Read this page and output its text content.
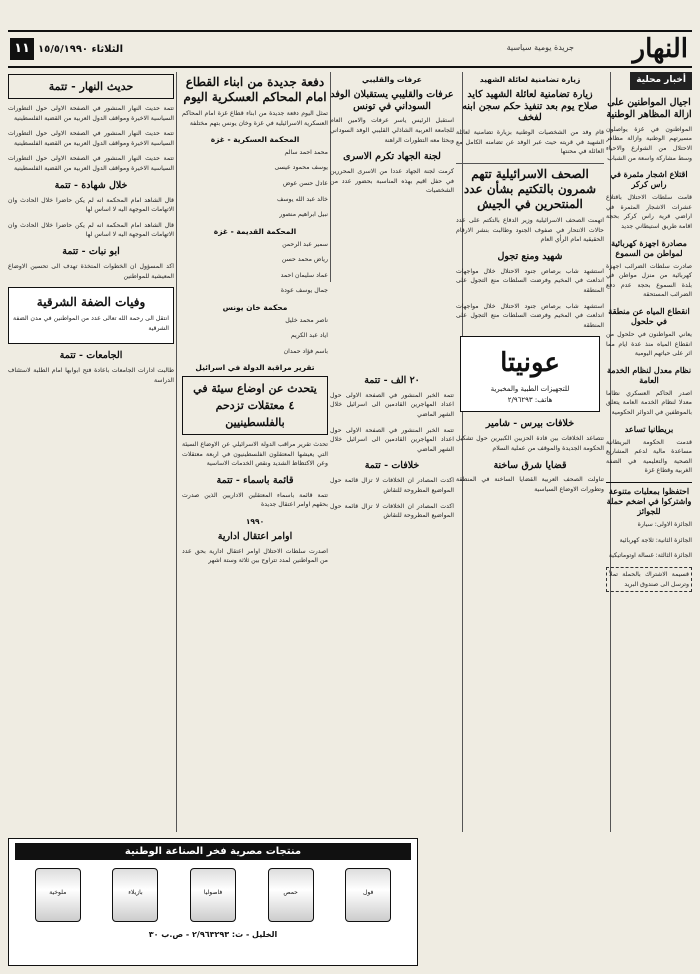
النهار
جريدة يومية سياسية
الثلاثاء ١٥/٥/١٩٩٠
١١
أخبار محلية
اجيال المواطنين على ازالة المظاهر الوطنية
المواطنون في غزة يواصلون مسيرتهم الوطنية وازالة مظاهر الاحتلال من الشوارع والاحياء وسط مشاركة واسعة من الشباب
اقتلاع اشجار مثمرة في راس كركر
قامت سلطات الاحتلال باقتلاع عشرات الاشجار المثمرة في اراضي قرية راس كركر بحجة اقامة طريق استيطاني جديد
مصادرة اجهزة كهربائية لمواطن من السموع
صادرت سلطات الضرائب اجهزة كهربائية من منزل مواطن في بلدة السموع بحجة عدم دفع الضرائب المستحقة
انقطاع المياه عن منطقة في حلحول
يعاني المواطنون في حلحول من انقطاع المياه منذ عدة ايام مما اثر على حياتهم اليومية
نظام معدل لنظام الخدمة العامة
اصدر الحاكم العسكري نظاما معدلا لنظام الخدمة العامة يتعلق بالموظفين في الدوائر الحكومية
بريطانيا تساعد
قدمت الحكومة البريطانية مساعدة مالية لدعم المشاريع الصحية والتعليمية في الضفة الغربية وقطاع غزة
احتفظوا بمعلبات متنوعة واشتركوا في اضخم حملة للجوائز
الجائزة الاولى: سيارة
الجائزة الثانية: ثلاجة كهربائية
الجائزة الثالثة: غسالة اوتوماتيكية
قسيمة الاشتراك بالحملة تملأ وترسل الى صندوق البريد
زيارة تضامنية لعائلة الشهيد
زيارة تضامنية لعائلة الشهيد كايد صلاح يوم بعد تنفيذ حكم سجن ابنه لفخف
قام وفد من الشخصيات الوطنية بزيارة تضامنية لعائلة الشهيد في قريته حيث عبر الوفد عن تضامنه الكامل مع العائلة في محنتها
الصحف الاسرائيلية تتهم شمرون بالتكتيم بشأن عدد المنتحرين في الجيش
اتهمت الصحف الاسرائيلية وزير الدفاع بالتكتم على عدد حالات الانتحار في صفوف الجنود وطالبت بنشر الارقام الحقيقية امام الرأي العام
شهيد ومنع تجول
استشهد شاب برصاص جنود الاحتلال خلال مواجهات اندلعت في المخيم وفرضت السلطات منع التجول على المنطقة
استشهد شاب برصاص جنود الاحتلال خلال مواجهات اندلعت في المخيم وفرضت السلطات منع التجول على المنطقة
عونيتا
للتجهيزات الطبية والمخبرية
هاتف: ٢/٩٦٢٩٣
خلافات بيرس - شامير
تتصاعد الخلافات بين قادة الحزبين الكبيرين حول تشكيل الحكومة الجديدة والموقف من عملية السلام
قضايا شرق ساخنة
تناولت الصحف العربية القضايا الساخنة في المنطقة وتطورات الاوضاع السياسية
عرفات والقليبي
عرفات والقليبي يستقبلان الوفد السوداني في تونس
استقبل الرئيس ياسر عرفات والامين العام للجامعة العربية الشاذلي القليبي الوفد السوداني وبحثا معه التطورات الراهنة
لجنة الجهاد تكرم الاسرى
كرمت لجنة الجهاد عددا من الاسرى المحررين في حفل اقيم بهذه المناسبة بحضور عدد من الشخصيات
٢٠ الف - تتمة
تتمة الخبر المنشور في الصفحة الاولى حول اعداد المهاجرين القادمين الى اسرائيل خلال الشهر الماضي
تتمة الخبر المنشور في الصفحة الاولى حول اعداد المهاجرين القادمين الى اسرائيل خلال الشهر الماضي
خلافات - تتمة
اكدت المصادر ان الخلافات لا تزال قائمة حول المواضيع المطروحة للنقاش
اكدت المصادر ان الخلافات لا تزال قائمة حول المواضيع المطروحة للنقاش
دفعة جديدة من ابناء القطاع امام المحاكم العسكرية اليوم
تمثل اليوم دفعة جديدة من ابناء قطاع غزة امام المحاكم العسكرية الاسرائيلية في غزة وخان يونس بتهم مختلفة
المحكمة العسكرية - غزة
محمد احمد سالم
يوسف محمود عيسى
عادل حسن عوض
خالد عبد الله يوسف
نبيل ابراهيم منصور
المحكمة القديمة - غزة
سمير عبد الرحمن
رياض محمد حسن
عماد سليمان احمد
جمال يوسف عودة
محكمة خان يونس
ناصر محمد خليل
اياد عبد الكريم
باسم فؤاد حمدان
تقرير مراقبة الدولة في اسرائيل
يتحدث عن اوضاع سيئة في ٤ معتقلات تزدحم بالفلسطينيين
تحدث تقرير مراقب الدولة الاسرائيلي عن الاوضاع السيئة التي يعيشها المعتقلون الفلسطينيون في اربعة معتقلات وعن الاكتظاظ الشديد ونقص الخدمات الاساسية
قائمة باسماء - تتمة
تتمة قائمة باسماء المعتقلين الاداريين الذين صدرت بحقهم اوامر اعتقال جديدة
١٩٩٠
اوامر اعتقال ادارية
اصدرت سلطات الاحتلال اوامر اعتقال ادارية بحق عدد من المواطنين لمدد تتراوح بين ثلاثة وستة اشهر
حديث النهار - تتمة
تتمة حديث النهار المنشور في الصفحة الاولى حول التطورات السياسية الاخيرة ومواقف الدول العربية من القضية الفلسطينية
تتمة حديث النهار المنشور في الصفحة الاولى حول التطورات السياسية الاخيرة ومواقف الدول العربية من القضية الفلسطينية
تتمة حديث النهار المنشور في الصفحة الاولى حول التطورات السياسية الاخيرة ومواقف الدول العربية من القضية الفلسطينية
خلال شهادة - تتمة
قال الشاهد امام المحكمة انه لم يكن حاضرا خلال الحادث وان الاتهامات الموجهة اليه لا اساس لها
قال الشاهد امام المحكمة انه لم يكن حاضرا خلال الحادث وان الاتهامات الموجهة اليه لا اساس لها
ابو نبات - تتمة
اكد المسؤول ان الخطوات المتخذة تهدف الى تحسين الاوضاع المعيشية للمواطنين
وفيات الضفة الشرقية
انتقل الى رحمة الله تعالى عدد من المواطنين في مدن الضفة الشرقية
الجامعات - تتمة
طالبت ادارات الجامعات باعادة فتح ابوابها امام الطلبة لاستئناف الدراسة
منتجات مصرية فخر الصناعة الوطنية
فول
حمص
فاصوليا
بازيلاء
ملوخية
الخليل - ت: ٢/٩٦٣٢٩٣ - ص.ب ٣٠
